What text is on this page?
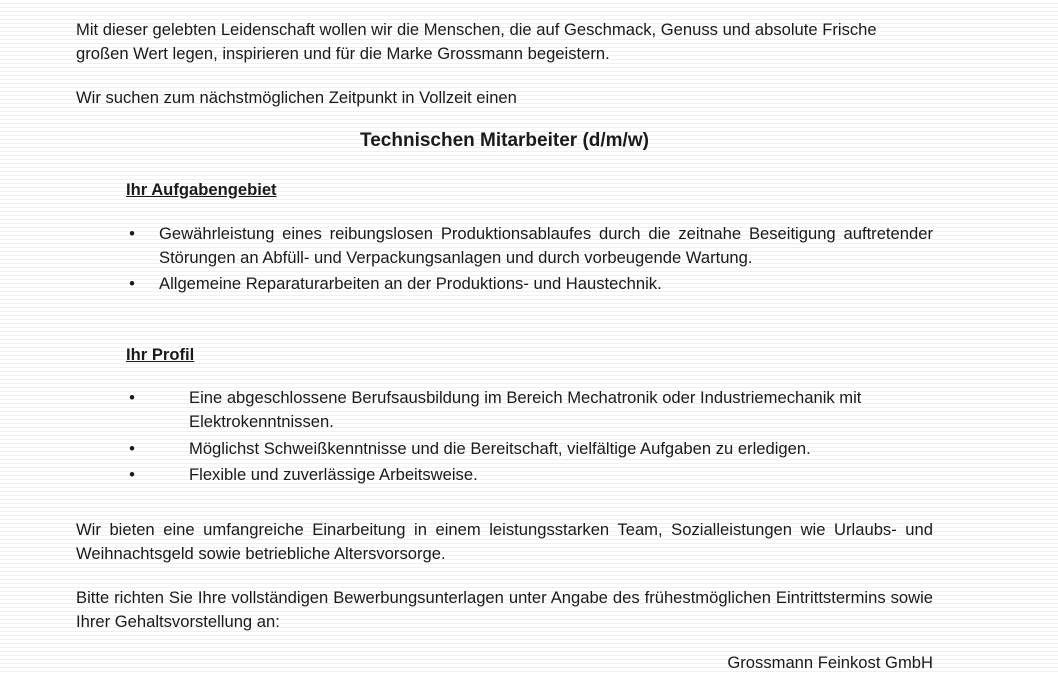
Mit dieser gelebten Leidenschaft wollen wir die Menschen, die auf Geschmack, Genuss und absolute Frische großen Wert legen, inspirieren und für die Marke Grossmann begeistern.

Wir suchen zum nächstmöglichen Zeitpunkt in Vollzeit einen

Technischen Mitarbeiter (d/m/w)
Ihr Aufgabengebiet
• Gewährleistung eines reibungslosen Produktionsablaufes durch die zeitnahe Beseitigung auftretender Störungen an Abfüll- und Verpackungsanlagen und durch vorbeugende Wartung.
• Allgemeine Reparaturarbeiten an der Produktions- und Haustechnik.
Ihr Profil
•	Eine abgeschlossene Berufsausbildung im Bereich Mechatronik oder Industriemechanik mit Elektrokenntnissen.
•	Möglichst Schweißkenntnisse und die Bereitschaft, vielfältige Aufgaben zu erledigen.
•	Flexible und zuverlässige Arbeitsweise.

Wir bieten eine umfangreiche Einarbeitung in einem leistungsstarken Team, Sozialleistungen wie Urlaubs- und Weihnachtsgeld sowie betriebliche Altersvorsorge.

Bitte richten Sie Ihre vollständigen Bewerbungsunterlagen unter Angabe des frühestmöglichen Eintrittstermins sowie Ihrer Gehaltsvorstellung an:

Grossmann Feinkost GmbH
